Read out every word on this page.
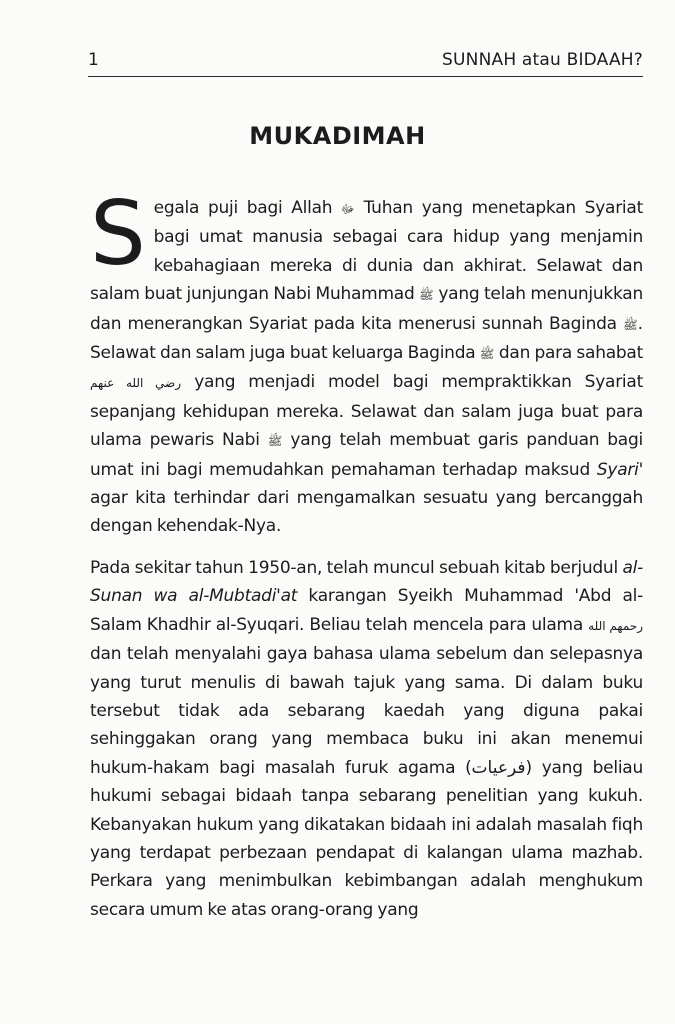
1	SUNNAH atau BIDAAH?
MUKADIMAH

Segala puji bagi Allah ﷻ Tuhan yang menetapkan Syariat bagi umat manusia sebagai cara hidup yang menjamin kebahagiaan mereka di dunia dan akhirat. Selawat dan salam buat junjungan Nabi Muhammad ﷺ yang telah menunjukkan dan menerangkan Syariat pada kita menerusi sunnah Baginda ﷺ. Selawat dan salam juga buat keluarga Baginda ﷺ dan para sahabat رضي الله عنهم yang menjadi model bagi mempraktikkan Syariat sepanjang kehidupan mereka. Selawat dan salam juga buat para ulama pewaris Nabi ﷺ yang telah membuat garis panduan bagi umat ini bagi memudahkan pemahaman terhadap maksud Syari' agar kita terhindar dari mengamalkan sesuatu yang bercanggah dengan kehendak-Nya.

Pada sekitar tahun 1950-an, telah muncul sebuah kitab berjudul al-Sunan wa al-Mubtadi'at karangan Syeikh Muhammad 'Abd al-Salam Khadhir al-Syuqari. Beliau telah mencela para ulama رحمهم الله dan telah menyalahi gaya bahasa ulama sebelum dan selepasnya yang turut menulis di bawah tajuk yang sama. Di dalam buku tersebut tidak ada sebarang kaedah yang diguna pakai sehinggakan orang yang membaca buku ini akan menemui hukum-hakam bagi masalah furuk agama (فرعيات) yang beliau hukumi sebagai bidaah tanpa sebarang penelitian yang kukuh. Kebanyakan hukum yang dikatakan bidaah ini adalah masalah fiqh yang terdapat perbezaan pendapat di kalangan ulama mazhab. Perkara yang menimbulkan kebimbangan adalah menghukum secara umum ke atas orang-orang yang
